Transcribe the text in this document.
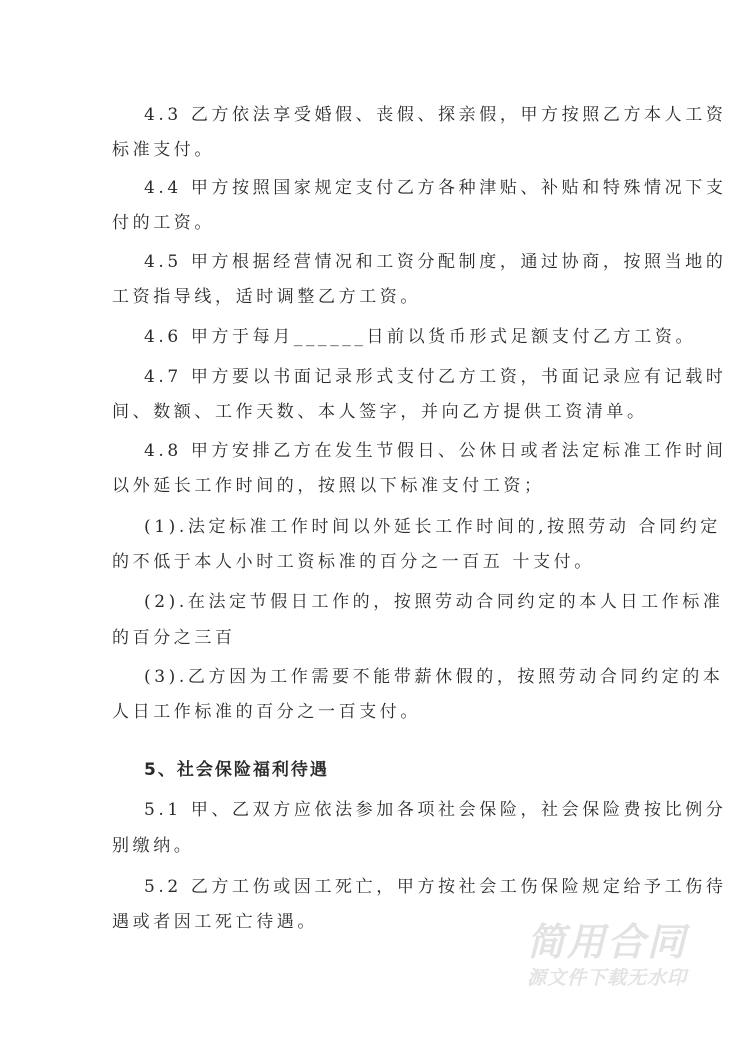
4.3 乙方依法享受婚假、丧假、探亲假，甲方按照乙方本人工资
标准支付。
4.4 甲方按照国家规定支付乙方各种津贴、补贴和特殊情况下支
付的工资。
4.5 甲方根据经营情况和工资分配制度，通过协商，按照当地的
工资指导线，适时调整乙方工资。
4.6 甲方于每月______日前以货币形式足额支付乙方工资。
4.7 甲方要以书面记录形式支付乙方工资，书面记录应有记载时
间、数额、工作天数、本人签字，并向乙方提供工资清单。
4.8 甲方安排乙方在发生节假日、公休日或者法定标准工作时间
以外延长工作时间的，按照以下标准支付工资；
(1).法定标准工作时间以外延长工作时间的,按照劳动 合同约定
的不低于本人小时工资标准的百分之一百五 十支付。
(2).在法定节假日工作的，按照劳动合同约定的本人日工作标准
的百分之三百
(3).乙方因为工作需要不能带薪休假的，按照劳动合同约定的本
人日工作标准的百分之一百支付。
5、社会保险福利待遇
5.1 甲、乙双方应依法参加各项社会保险，社会保险费按比例分
别缴纳。
5.2 乙方工伤或因工死亡，甲方按社会工伤保险规定给予工伤待
遇或者因工死亡待遇。	简用合同
源文件下载无水印
